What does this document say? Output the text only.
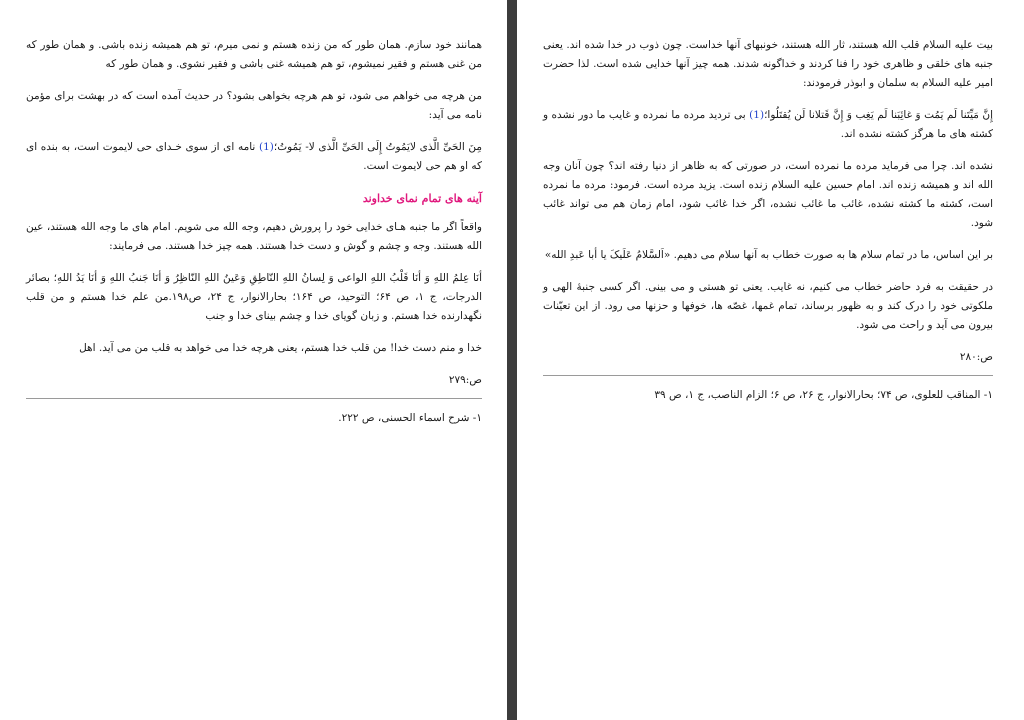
همانند خود سازم. همان طور که من زنده هستم و نمی میرم، تو هم همیشه زنده باشی. و همان طور که من غنی هستم و فقیر نمیشوم، تو هم همیشه غنی باشی و فقیر نشوی. و همان طور که

من هرچه می خواهم می شود، تو هم هرچه بخواهی بشود؟ در حدیث آمده است که در بهشت برای مؤمن نامه می آید:

مِنَ الحَیِّ الَّذی لایَمُوتُ إِلَی الحَیِّ الَّذی لا- یَمُوتُ؛(1) نامه ای از سوی خـدای حی لایموت است، به بنده ای که او هم حی لایموت است.

آینه های تمام نمای خداوند

واقعاً اگر ما جنبه هـای خدایی خود را پرورش دهیم، وجه الله می شویم. امام های ما وجه الله هستند، عین الله هستند. وجه و چشم و گوش و دست خدا هستند. همه چیز خدا هستند. می فرمایند:

أنَا عِلمُ اللهِ وَ أنَا قَلْبُ اللهِ الواعی وَ لِسانُ اللهِ النّاطِقِ وَعَینُ اللهِ النّاظِرُ وَ أنَا جَنبُ اللهِ وَ أنَا یَدُ اللهِ؛ بصائر الدرجات، ج ۱، ص ۶۴؛ التوحید، ص ۱۶۴؛ بحارالانوار، ج ۲۴، ص۱۹۸.من علم خدا هستم و من قلب نگهدارنده خدا هستم. و زبان گویای خدا و چشم بینای خدا و جنب

خدا و منم دست خدا! من قلب خدا هستم، یعنی هرچه خدا می خواهد به قلب من می آید. اهل

ص:۲۷۹

۱- شرح اسماء الحسنی، ص ۲۲۲.

بیت علیه السلام قلب الله هستند، ثار الله هستند، خونبهای آنها خداست. چون ذوب در خدا شده اند. یعنی جنبه های خلقی و ظاهری خود را فنا کردند و خداگونه شدند. همه چیز آنها خدایی شده است. لذا حضرت امیر علیه السلام به سلمان و ابوذر فرمودند:

إِنَّ مَیِّتَنا لَم یَمُت وَ غائِبَنا لَم یَغِب وَ إِنَّ قَتلانا لَن یُقتَلُوا؛(1) بی تردید مرده ما نمرده و غایب ما دور نشده و کشته های ما هرگز کشته نشده اند.

نشده اند. چرا می فرماید مرده ما نمرده است، در صورتی که به ظاهر از دنیا رفته اند؟ چون آنان وجه الله اند و همیشه زنده اند. امام حسین علیه السلام زنده است. یزید مرده است. فرمود: مرده ما نمرده است، کشته ما کشته نشده، غائب ما غائب نشده، اگر خدا غائب شود، امام زمان هم می تواند غائب شود.

بر این اساس، ما در تمام سلام ها به صورت خطاب به آنها سلام می دهیم. «اَلسَّلامُ عَلَیکَ یا أبا عَبدِ الله»

در حقیقت به فرد حاضر خطاب می کنیم، نه غایب. یعنی تو هستی و می بینی. اگر کسی جنبهٔ الهی و ملکوتی خود را درک کند و به ظهور برساند، تمام غمها، غصّه ها، خوفها و حزنها می رود. از این تعیّنات بیرون می آید و راحت می شود.

ص:۲۸۰

۱- المناقب للعلوی، ص ۷۴؛ بحارالانوار، ج ۲۶، ص ۶؛ الزام الناصب، ج ۱، ص ۳۹
